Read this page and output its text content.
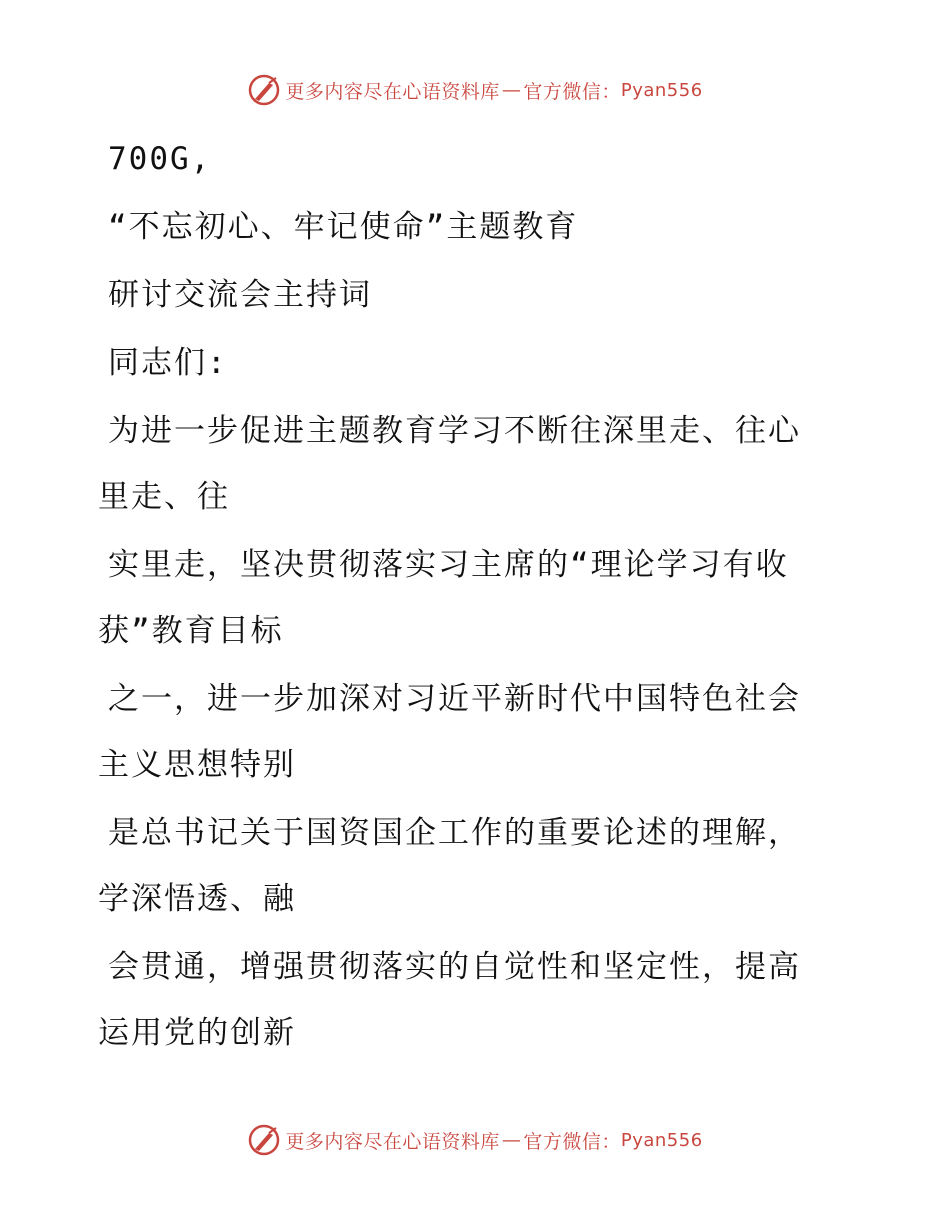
更多内容尽在心语资料库 — 官方微信： Pyan556

700G,

“不忘初心、牢记使命”主题教育

研讨交流会主持词

同志们:

为进一步促进主题教育学习不断往深里走、往心

里走、往

实里走，坚决贯彻落实习主席的“理论学习有收

获”教育目标

之一，进一步加深对习近平新时代中国特色社会

主义思想特别

是总书记关于国资国企工作的重要论述的理解，

学深悟透、融

会贯通，增强贯彻落实的自觉性和坚定性，提高

运用党的创新

更多内容尽在心语资料库 — 官方微信： Pyan556
